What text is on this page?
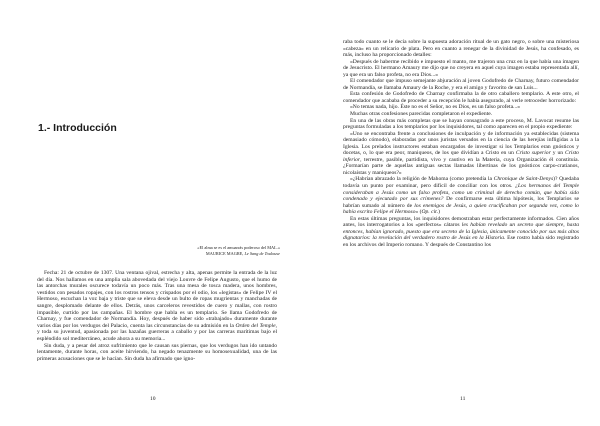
1.- Introducción
«El alma se es el amuarrás poderoso del MAL.»
MAURICE MAGRE, Le Sang de Toulouse

Fecha: 21 de octubre de 1307. Una ventana ojival, estrecha y alta, apenas permite la entrada de la luz del día. Nos hallamos en una amplia sala abovedada del viejo Louvre de Felipe Augusto, que el humo de las antorchas murales oscurece todavía un poco más. Tras una mesa de tosca madera, unos hombres, vestidos con pesados ropajes, con los rostros tensos y crispados por el odio, los «legistas» de Felipe IV el Hermoso, escuchan la voz baja y triste que se eleva desde un bulto de ropas mugrientas y manchadas de sangre, desplomado delante de ellos. Detrás, unos carceleros revestidos de cuero y mallas, con rostro impasible, curtido por las campañas. El hombre que habla es un templario. Se llama Godofredo de Charnay, y fue comendador de Normandía. Hoy, después de haber sido «trabajado» duramente durante varios días por los verdugos del Palacio, cuenta las circunstancias de su admisión en la Orden del Temple, y toda su juventud, apasionada por las hazañas guerreras a caballo y por las carreras marítimas bajo el espléndido sol mediterráneo, acude ahora a su memoria...

Sin duda, y a pesar del atroz sufrimiento que le causan sus piernas, que los verdugos han ido untando lentamente, durante horas, con aceite hirviendo, ha negado tenazmente su homosexualidad, una de las primeras acusaciones que se le hacían. Sin duda ha afirmado que igno-

10

raba todo cuanto se le decía sobre la supuesta adoración ritual de un gato negro, o sobre una misteriosa «cabeza» en un relicario de plata. Pero en cuanto a renegar de la divinidad de Jesús, ha confesado, es más, incluso ha proporcionado detalles:

«Después de haberme recibido e impuesto el manto, me trajeron una cruz en la que había una imagen de Jesucristo. El hermano Amaury me dijo que no creyera en aquel cuya imagen estaba representada allí, ya que era un falso profeta, no era Dios...»

El comendador que impuso semejante abjuración al joven Godofredo de Charnay, futuro comendador de Normandía, se llamaba Amaury de la Roche, y era el amigo y favorito de san Luis...

Esta confesión de Godofredo de Charnay confirmaba la de otro caballero templario. A este otro, el comendador que acababa de proceder a su recepción le había asegurado, al verle retroceder horrorizado:

«No temas nada, hijo. Éste no es el Señor, no es Dios, es un falso profeta...»

Muchas otras confesiones parecidas completaron el expediente.

En una de las obras más completas que se hayan consagrado a este proceso, M. Lavocat resume las preguntas formuladas a los templarios por los inquisidores, tal como aparecen en el propio expediente:

«Uno se encontraba frente a conclusiones de inculpación y de información ya establecidas (sistema demasiado cómodo), elaboradas por unos juristas versados en la ciencia de las herejías infligidas a la Iglesia. Los prelados instructores estaban encargados de investigar si los Templarios eran gnósticos y docetas, o, lo que era peor, maniqueos, de los que dividían a Cristo en un Cristo superior y un Cristo inferior, terrestre, pasible, partidista, vivo y cautivo en la Materia, cuya Organización él constituía. ¿Formarían parte de aquellas antiguas sectas llamadas libertinas de los gnósticos carpo-cratianos, nicolaístas y maniqueos?»

«¿Habrían abrazado la religión de Mahoma (como pretendía la Chronique de Saint-Denys)? Quedaba todavía un punto por examinar, pero difícil de conciliar con los otros. ¿Los hermanos del Temple consideraban a Jesús como un falso profeta, como un criminal de derecho común, que había sido condenado y ejecutado por sus crímenes? De confirmarse esta última hipótesis, los Templarios se habrían sumado al número de los enemigos de Jesús, a quien crucificaban por segunda vez, como lo había escrito Felipe el Hermoso» (Op. cit.)

En estas últimas preguntas, los inquisidores demostraban estar perfectamente informados. Cien años antes, los interrogatorios a los «perfectos» cátaros les habían revelado un secreto que siempre, hasta entonces, habían ignorado, puesto que era secreto de la Iglesia, únicamente conocido por sus más altos dignatarios: la revelación del verdadero rostro de Jesús en la Historia. Ese rostro había sido registrado en los archivos del Imperio romano. Y después de Constantino los

11
